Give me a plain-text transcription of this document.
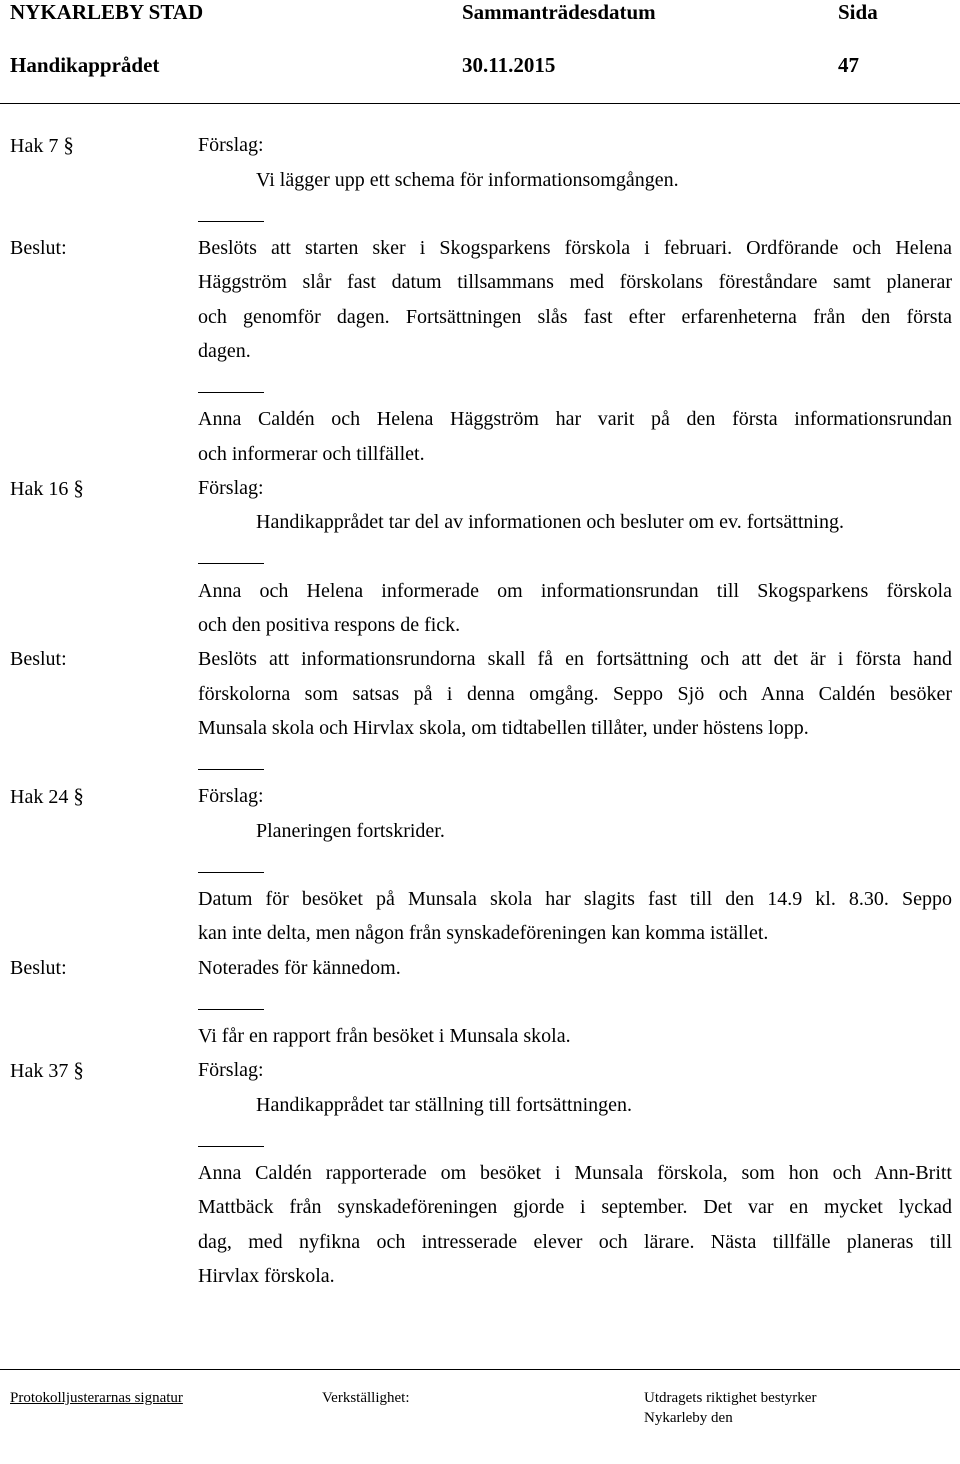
NYKARLEBY STAD	Sammanträdesdatum	Sida
Handikapprådet	30.11.2015	47
Hak 7 §	Förslag:
Vi lägger upp ett schema för informationsomgången.
Beslut:	Beslöts att starten sker i Skogsparkens förskola i februari. Ordförande och Helena
Häggström slår fast datum tillsammans med förskolans föreståndare samt planerar
och genomför dagen. Fortsättningen slås fast efter erfarenheterna från den första
dagen.
Anna Caldén och Helena Häggström har varit på den första informationsrundan
och informerar och tillfället.
Hak 16 §	Förslag:
Handikapprådet tar del av informationen och besluter om ev. fortsättning.
Anna och Helena informerade om informationsrundan till Skogsparkens förskola
och den positiva respons de fick.
Beslut:	Beslöts att informationsrundorna skall få en fortsättning och att det är i första hand
förskolorna som satsas på i denna omgång. Seppo Sjö och Anna Caldén besöker
Munsala skola och Hirvlax skola, om tidtabellen tillåter, under höstens lopp.
Hak 24 §	Förslag:
Planeringen fortskrider.
Datum för besöket på Munsala skola har slagits fast till den 14.9 kl. 8.30. Seppo
kan inte delta, men någon från synskadeföreningen kan komma istället.
Beslut:	Noterades för kännedom.
Vi får en rapport från besöket i Munsala skola.
Hak 37 §	Förslag:
Handikapprådet tar ställning till fortsättningen.
Anna Caldén rapporterade om besöket i Munsala förskola, som hon och Ann-Britt
Mattbäck från synskadeföreningen gjorde i september. Det var en mycket lyckad
dag, med nyfikna och intresserade elever och lärare. Nästa tillfälle planeras till
Hirvlax förskola.
Protokolljusterarnas signatur	Verkställighet:	Utdragets riktighet bestyrker
Nykarleby den
